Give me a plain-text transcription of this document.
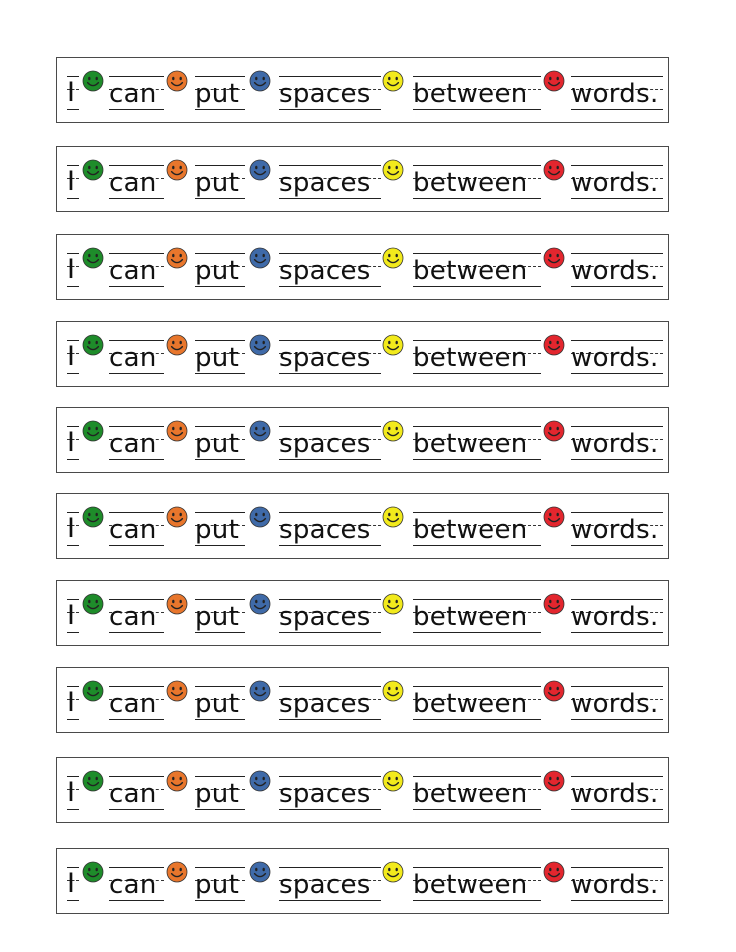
I can put spaces between words.
I can put spaces between words.
I can put spaces between words.
I can put spaces between words.
I can put spaces between words.
I can put spaces between words.
I can put spaces between words.
I can put spaces between words.
I can put spaces between words.
I can put spaces between words.
